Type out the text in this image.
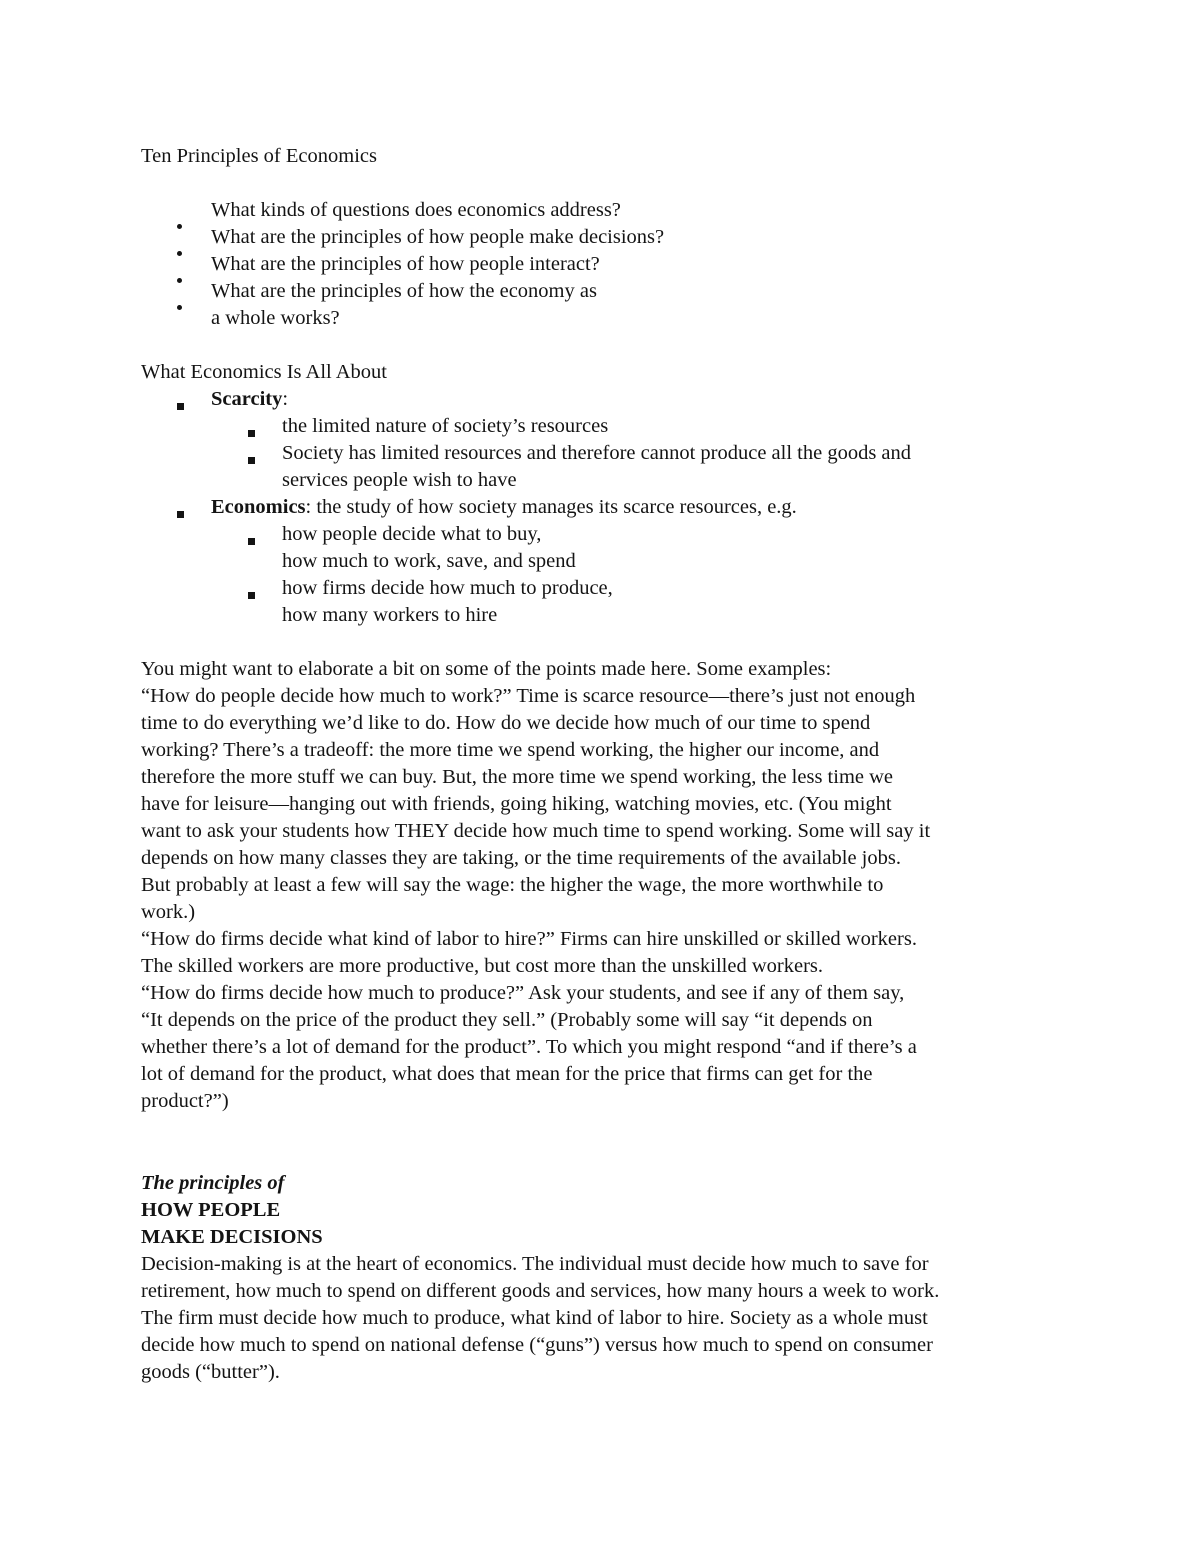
Ten Principles of Economics
What kinds of questions does economics address?
What are the principles of how people make decisions?
What are the principles of how people interact?
What are the principles of how the economy as
a whole works?
What Economics Is All About
Scarcity:
the limited nature of society’s resources
Society has limited resources and therefore cannot produce all the goods and
services people wish to have
Economics: the study of how society manages its scarce resources, e.g.
how people decide what to buy,
how much to work, save, and spend
how firms decide how much to produce,
how many workers to hire
You might want to elaborate a bit on some of the points made here. Some examples:
“How do people decide how much to work?” Time is scarce resource—there’s just not enough
time to do everything we’d like to do. How do we decide how much of our time to spend
working? There’s a tradeoff: the more time we spend working, the higher our income, and
therefore the more stuff we can buy. But, the more time we spend working, the less time we
have for leisure—hanging out with friends, going hiking, watching movies, etc. (You might
want to ask your students how THEY decide how much time to spend working. Some will say it
depends on how many classes they are taking, or the time requirements of the available jobs.
But probably at least a few will say the wage: the higher the wage, the more worthwhile to
work.)
“How do firms decide what kind of labor to hire?” Firms can hire unskilled or skilled workers.
The skilled workers are more productive, but cost more than the unskilled workers.
“How do firms decide how much to produce?” Ask your students, and see if any of them say,
“It depends on the price of the product they sell.” (Probably some will say “it depends on
whether there’s a lot of demand for the product”. To which you might respond “and if there’s a
lot of demand for the product, what does that mean for the price that firms can get for the
product?”)
The principles of
HOW PEOPLE
MAKE DECISIONS
Decision-making is at the heart of economics. The individual must decide how much to save for
retirement, how much to spend on different goods and services, how many hours a week to work.
The firm must decide how much to produce, what kind of labor to hire. Society as a whole must
decide how much to spend on national defense (“guns”) versus how much to spend on consumer
goods (“butter”).
